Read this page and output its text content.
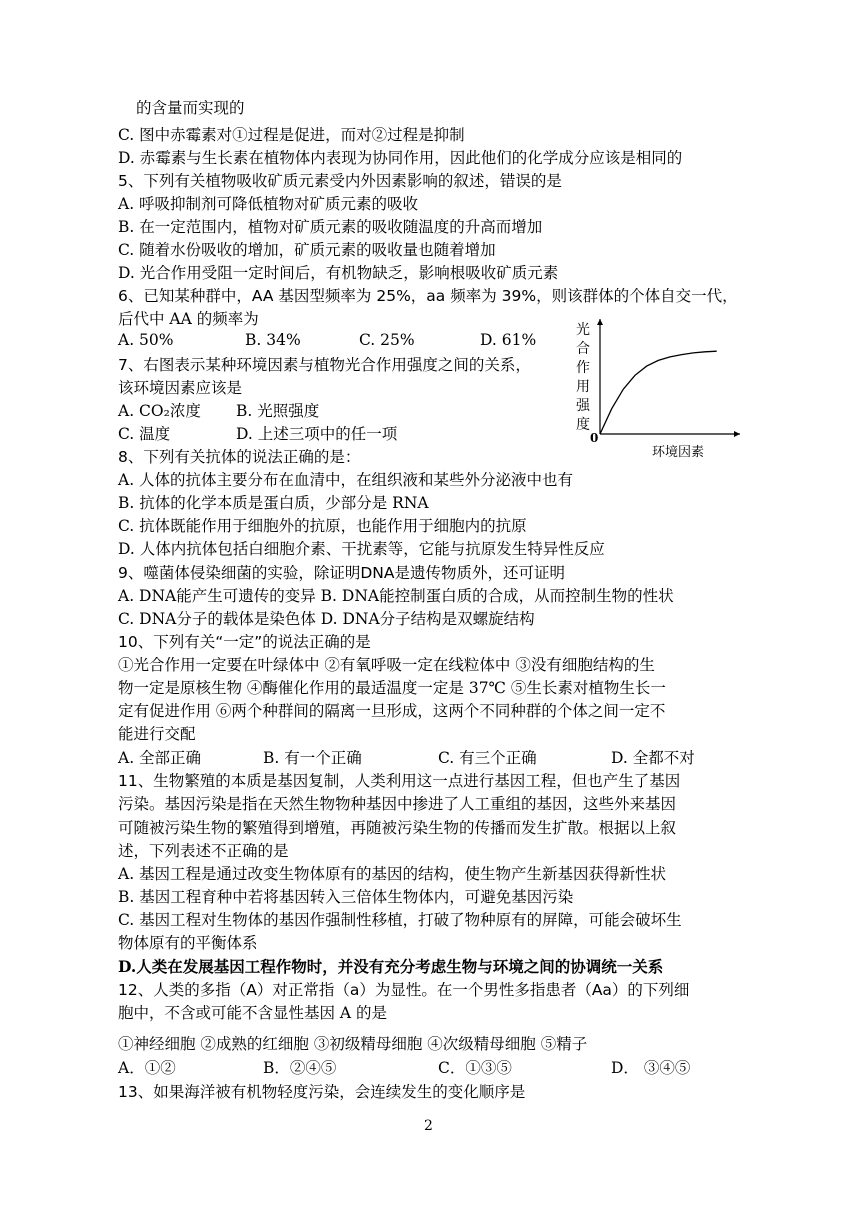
的含量而实现的
C. 图中赤霉素对①过程是促进，而对②过程是抑制
D. 赤霉素与生长素在植物体内表现为协同作用，因此他们的化学成分应该是相同的
5、下列有关植物吸收矿质元素受内外因素影响的叙述，错误的是
A. 呼吸抑制剂可降低植物对矿质元素的吸收
B. 在一定范围内，植物对矿质元素的吸收随温度的升高而增加
C. 随着水份吸收的增加，矿质元素的吸收量也随着增加
D. 光合作用受阻一定时间后，有机物缺乏，影响根吸收矿质元素
6、已知某种群中，AA 基因型频率为 25%，aa 频率为 39%，则该群体的个体自交一代，
后代中 AA 的频率为
A. 50%	B. 34%	C. 25%	D. 61%
7、右图表示某种环境因素与植物光合作用强度之间的关系，
该环境因素应该是
A. CO₂浓度 B. 光照强度
C. 温度	D. 上述三项中的任一项
光
合
作
用
强
度
0
环境因素
8、下列有关抗体的说法正确的是：
A. 人体的抗体主要分布在血清中，在组织液和某些外分泌液中也有
B. 抗体的化学本质是蛋白质，少部分是 RNA
C. 抗体既能作用于细胞外的抗原，也能作用于细胞内的抗原
D. 人体内抗体包括白细胞介素、干扰素等，它能与抗原发生特异性反应
9、噬菌体侵染细菌的实验，除证明DNA是遗传物质外，还可证明
A. DNA能产生可遗传的变异 B. DNA能控制蛋白质的合成，从而控制生物的性状
C. DNA分子的载体是染色体 D. DNA分子结构是双螺旋结构
10、下列有关“一定”的说法正确的是
①光合作用一定要在叶绿体中 ②有氧呼吸一定在线粒体中 ③没有细胞结构的生
物一定是原核生物 ④酶催化作用的最适温度一定是 37℃ ⑤生长素对植物生长一
定有促进作用 ⑥两个种群间的隔离一旦形成，这两个不同种群的个体之间一定不
能进行交配
A. 全部正确	B. 有一个正确	C. 有三个正确	D. 全都不对
11、生物繁殖的本质是基因复制，人类利用这一点进行基因工程，但也产生了基因
污染。基因污染是指在天然生物物种基因中掺进了人工重组的基因，这些外来基因
可随被污染生物的繁殖得到增殖，再随被污染生物的传播而发生扩散。根据以上叙
述，下列表述不正确的是
A. 基因工程是通过改变生物体原有的基因的结构，使生物产生新基因获得新性状
B. 基因工程育种中若将基因转入三倍体生物体内，可避免基因污染
C. 基因工程对生物体的基因作强制性移植，打破了物种原有的屏障，可能会破坏生
物体原有的平衡体系
D.人类在发展基因工程作物时，并没有充分考虑生物与环境之间的协调统一关系
12、人类的多指（A）对正常指（a）为显性。在一个男性多指患者（Aa）的下列细
胞中，不含或可能不含显性基因 A 的是
①神经细胞 ②成熟的红细胞 ③初级精母细胞 ④次级精母细胞 ⑤精子
A．①②	B．②④⑤	C．①③⑤	D． ③④⑤
13、如果海洋被有机物轻度污染，会连续发生的变化顺序是
2
